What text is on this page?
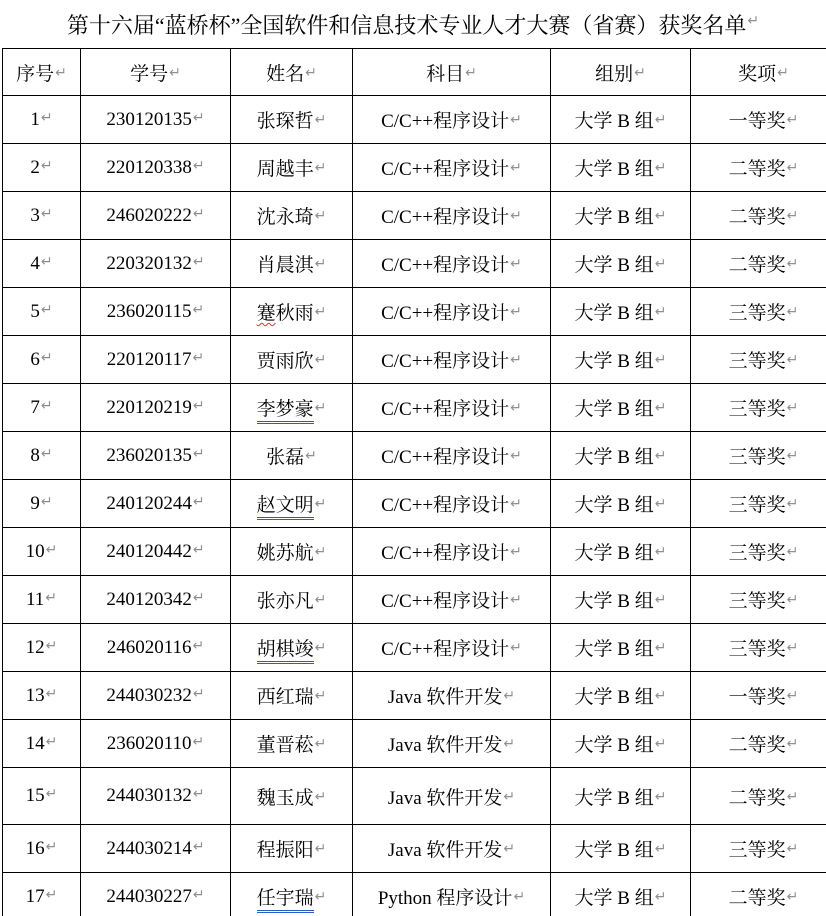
第十六届“蓝桥杯”全国软件和信息技术专业人才大赛（省赛）获奖名单 ↵
序号↵	学号↵	姓名↵	科目↵	组别↵	奖项↵
1↵	230120135↵	张琛哲↵	C/C++程序设计↵	大学 B 组↵	一等奖↵
2↵	220120338↵	周越丰↵	C/C++程序设计↵	大学 B 组↵	二等奖↵
3↵	246020222↵	沈永琦↵	C/C++程序设计↵	大学 B 组↵	二等奖↵
4↵	220320132↵	肖晨淇↵	C/C++程序设计↵	大学 B 组↵	二等奖↵
5↵	236020115↵	蹇秋雨↵	C/C++程序设计↵	大学 B 组↵	三等奖↵
6↵	220120117↵	贾雨欣↵	C/C++程序设计↵	大学 B 组↵	三等奖↵
7↵	220120219↵	李梦豪↵	C/C++程序设计↵	大学 B 组↵	三等奖↵
8↵	236020135↵	张磊↵	C/C++程序设计↵	大学 B 组↵	三等奖↵
9↵	240120244↵	赵文明↵	C/C++程序设计↵	大学 B 组↵	三等奖↵
10↵	240120442↵	姚苏航↵	C/C++程序设计↵	大学 B 组↵	三等奖↵
11↵	240120342↵	张亦凡↵	C/C++程序设计↵	大学 B 组↵	三等奖↵
12↵	246020116↵	胡棋竣↵	C/C++程序设计↵	大学 B 组↵	三等奖↵
13↵	244030232↵	西红瑞↵	Java 软件开发↵	大学 B 组↵	一等奖↵
14↵	236020110↵	董晋菘↵	Java 软件开发↵	大学 B 组↵	二等奖↵
15↵	244030132↵	魏玉成↵	Java 软件开发↵	大学 B 组↵	二等奖↵
16↵	244030214↵	程振阳↵	Java 软件开发↵	大学 B 组↵	三等奖↵
17↵	244030227↵	任宇瑞↵	Python 程序设计↵	大学 B 组↵	二等奖↵
